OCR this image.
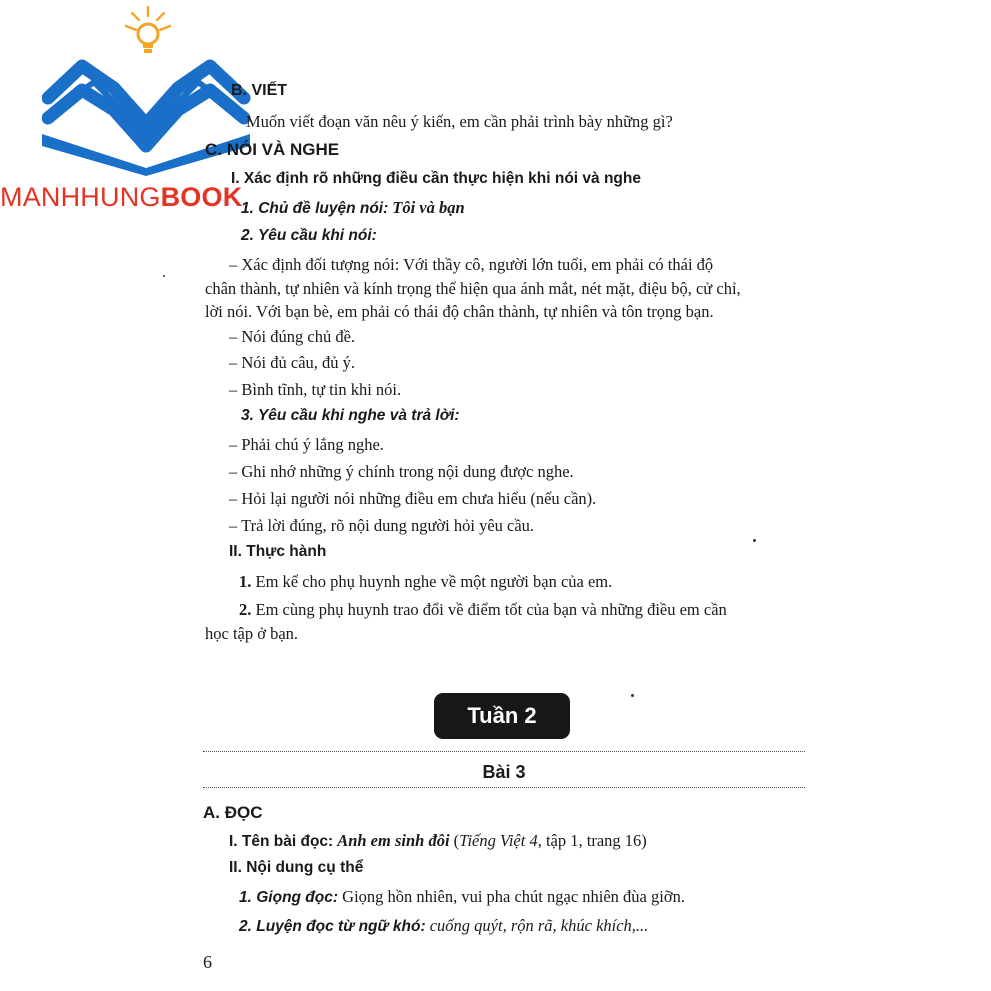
MANHHUNGBOOK
B. VIẾT
Muốn viết đoạn văn nêu ý kiến, em cần phải trình bày những gì?
C. NÓI VÀ NGHE
I. Xác định rõ những điều cần thực hiện khi nói và nghe
1. Chủ đề luyện nói: Tôi và bạn
2. Yêu cầu khi nói:
– Xác định đối tượng nói: Với thầy cô, người lớn tuổi, em phải có thái độ
chân thành, tự nhiên và kính trọng thể hiện qua ánh mắt, nét mặt, điệu bộ, cử chỉ,
lời nói. Với bạn bè, em phải có thái độ chân thành, tự nhiên và tôn trọng bạn.
– Nói đúng chủ đề.
– Nói đủ câu, đủ ý.
– Bình tĩnh, tự tin khi nói.
3. Yêu cầu khi nghe và trả lời:
– Phải chú ý lắng nghe.
– Ghi nhớ những ý chính trong nội dung được nghe.
– Hỏi lại người nói những điều em chưa hiểu (nếu cần).
– Trả lời đúng, rõ nội dung người hỏi yêu cầu.
II. Thực hành
1. Em kể cho phụ huynh nghe về một người bạn của em.
2. Em cùng phụ huynh trao đổi về điểm tốt của bạn và những điều em cần
học tập ở bạn.
Tuần 2
Bài 3
A. ĐỌC
I. Tên bài đọc: Anh em sinh đôi (Tiếng Việt 4, tập 1, trang 16)
II. Nội dung cụ thể
1. Giọng đọc: Giọng hồn nhiên, vui pha chút ngạc nhiên đùa giỡn.
2. Luyện đọc từ ngữ khó: cuống quýt, rộn rã, khúc khích,...
6
